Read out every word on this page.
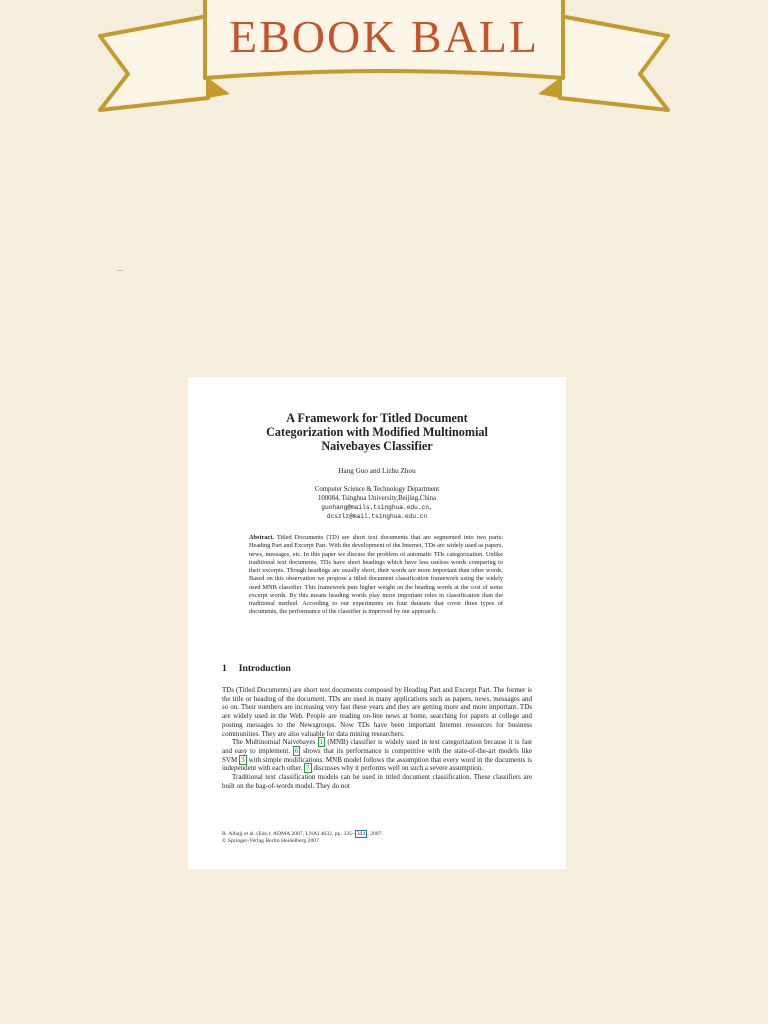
EBOOK BALL
A Framework for Titled Document
Categorization with Modified Multinomial
Naivebayes Classifier
Hang Guo and Lizhu Zhou
Computer Science & Technology Department
100084, Tsinghua University,Beijing,China
guohang@mails.tsinghua.edu.cn,
dcszlz@mail.tsinghua.edu.cn
Abstract. Titled Documents (TD) are short text documents that are segmented into two parts: Heading Part and Excerpt Part. With the development of the Internet, TDs are widely used as papers, news, messages, etc. In this paper we discuss the problem of automatic TDs categorization. Unlike traditional text documents, TDs have short headings which have less useless words comparing to their excerpts. Though headings are usually short, their words are more important than other words. Based on this observation we propose a titled document classification framework using the widely used MNB classifier. This framework puts higher weight on the heading words at the cost of some excerpt words. By this means heading words play more important roles in classification than the traditional method. According to our experiments on four datasets that cover three types of documents, the performance of the classifier is improved by our approach.
1 Introduction

TDs (Titled Documents) are short text documents composed by Heading Part and Excerpt Part. The former is the title or heading of the document. TDs are used in many applications such as papers, news, messages and so on. Their numbers are increasing very fast these years and they are getting more and more important. TDs are widely used in the Web. People are reading on-line news at home, searching for papers at college and posting messages to the Newsgroups. Now TDs have been important Internet resources for business communities. They are also valuable for data mining researchers.

The Multinomial Naivebayes 1 (MNB) classifier is widely used in text categorization because it is fast and easy to implement. 6 shows that its performance is competitive with the state-of-the-art models like SVM 3 with simple modifications. MNB model follows the assumption that every word in the documents is independent with each other. 7 discusses why it performs well on such a severe assumption.

Traditional text classification models can be used in titled document classification. These classifiers are built on the bag-of-words model. They do not

R. Alhajj et al. (Eds.): ADMA 2007, LNAI 4632, pp. 335– 344 , 2007.
© Springer-Verlag Berlin Heidelberg 2007
